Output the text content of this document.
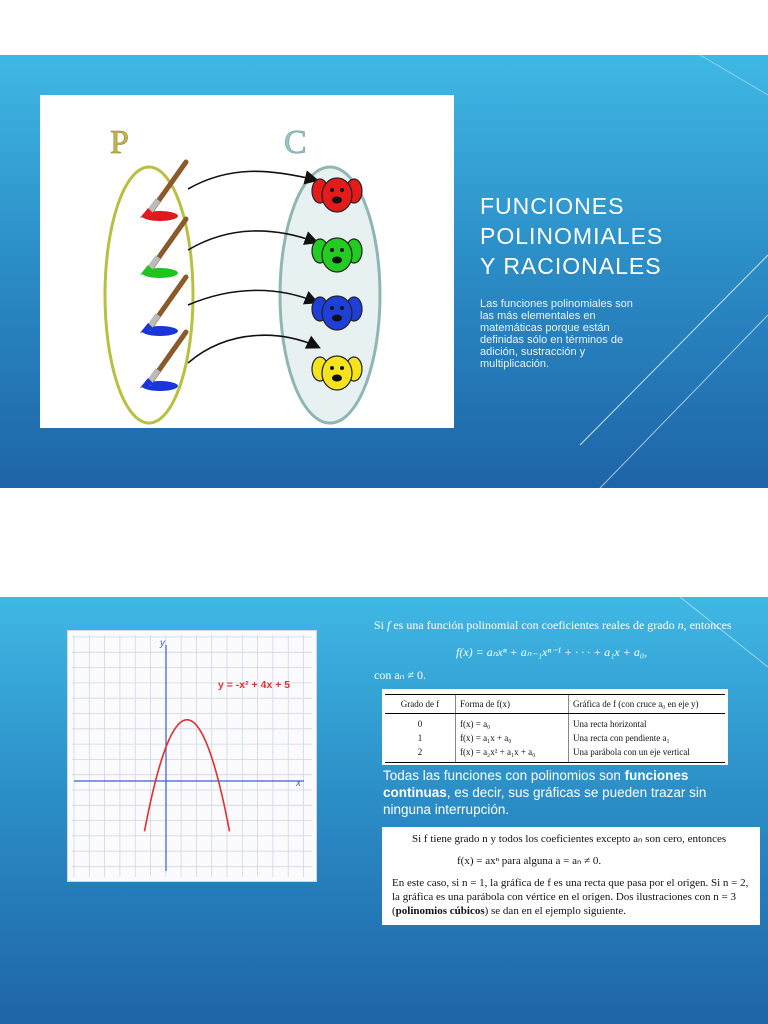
P	C
FUNCIONES
POLINOMIALES
Y RACIONALES
Las funciones polinomiales son las más elementales en matemáticas porque están definidas sólo en términos de adición, sustracción y multiplicación.
y
x
y = -x² + 4x + 5
Si f es una función polinomial con coeficientes reales de grado n, entonces
f(x) = aₙxⁿ + aₙ₋₁xⁿ⁻¹ + · · · + a₁x + a₀,
con aₙ ≠ 0.
Grado de f	Forma de f(x)	Gráfica de f (con cruce a₀ en eje y)
0	f(x) = a₀	Una recta horizontal
1	f(x) = a₁x + a₀	Una recta con pendiente a₁
2	f(x) = a₂x² + a₁x + a₀	Una parábola con un eje vertical
Todas las funciones con polinomios son funciones continuas, es decir, sus gráficas se pueden trazar sin ninguna interrupción.
Si f tiene grado n y todos los coeficientes excepto aₙ son cero, entonces
f(x) = axⁿ para alguna a = aₙ ≠ 0.
En este caso, si n = 1, la gráfica de f es una recta que pasa por el origen. Si n = 2, la gráfica es una parábola con vértice en el origen. Dos ilustraciones con n = 3 (polinomios cúbicos) se dan en el ejemplo siguiente.
